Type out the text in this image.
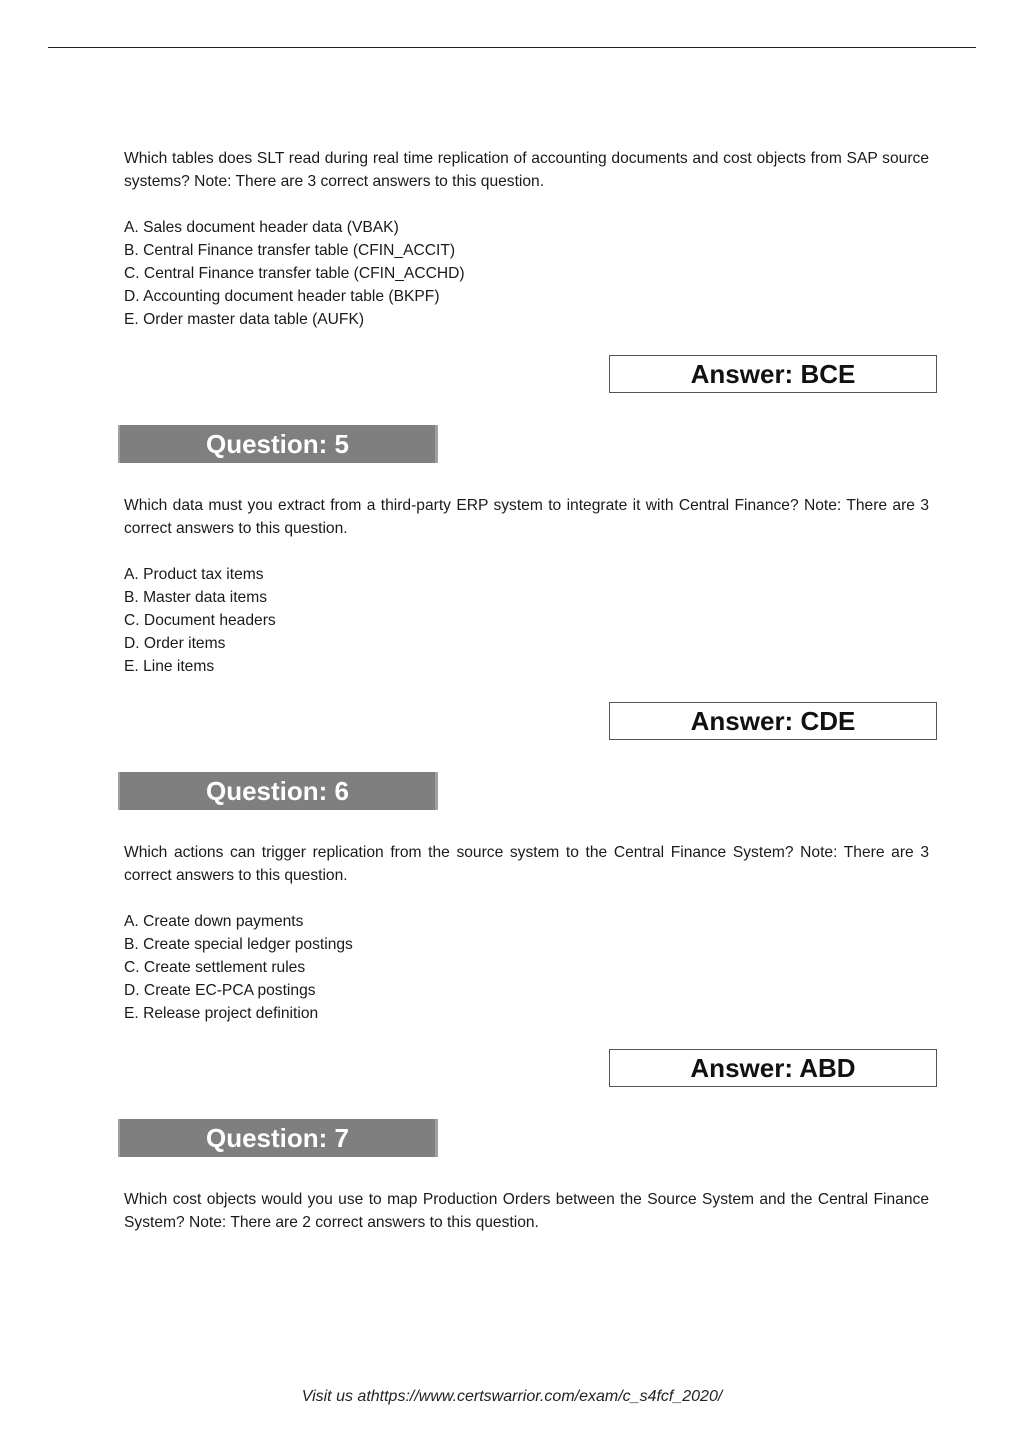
Which tables does SLT read during real time replication of accounting documents and cost objects from SAP source systems? Note: There are 3 correct answers to this question.

A. Sales document header data (VBAK)
B. Central Finance transfer table (CFIN_ACCIT)
C. Central Finance transfer table (CFIN_ACCHD)
D. Accounting document header table (BKPF)
E. Order master data table (AUFK)
Answer: BCE
Question: 5

Which data must you extract from a third-party ERP system to integrate it with Central Finance? Note: There are 3 correct answers to this question.

A. Product tax items
B. Master data items
C. Document headers
D. Order items
E. Line items
Answer: CDE
Question: 6

Which actions can trigger replication from the source system to the Central Finance System? Note: There are 3 correct answers to this question.

A. Create down payments
B. Create special ledger postings
C. Create settlement rules
D. Create EC-PCA postings
E. Release project definition
Answer: ABD
Question: 7

Which cost objects would you use to map Production Orders between the Source System and the Central Finance System? Note: There are 2 correct answers to this question.

Visit us athttps://www.certswarrior.com/exam/c_s4fcf_2020/
